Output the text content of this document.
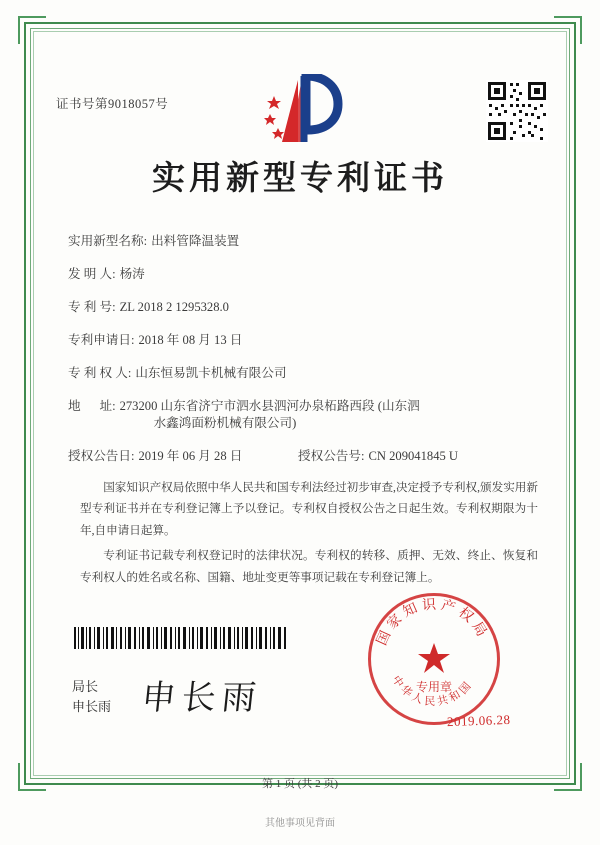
证书号第9018057号
实用新型专利证书
实用新型名称: 出料管降温装置
发 明 人: 杨涛
专 利 号: ZL 2018 2 1295328.0
专利申请日: 2018 年 08 月 13 日
专 利 权 人: 山东恒易凯卡机械有限公司
地      址: 273200 山东省济宁市泗水县泗河办泉柘路西段 (山东泗
水鑫鸿面粉机械有限公司)
授权公告日: 2019 年 06 月 28 日	授权公告号: CN 209041845 U

国家知识产权局依照中华人民共和国专利法经过初步审查,决定授予专利权,颁发实用新型专利证书并在专利登记簿上予以登记。专利权自授权公告之日起生效。专利权期限为十年,自申请日起算。

专利证书记载专利权登记时的法律状况。专利权的转移、质押、无效、终止、恢复和专利权人的姓名或名称、国籍、地址变更等事项记载在专利登记簿上。

局长
申长雨 申长雨
国家知识产权局
中华人民共和国
专用章
2019.06.28
第 1 页 (共 2 页)
其他事项见背面
